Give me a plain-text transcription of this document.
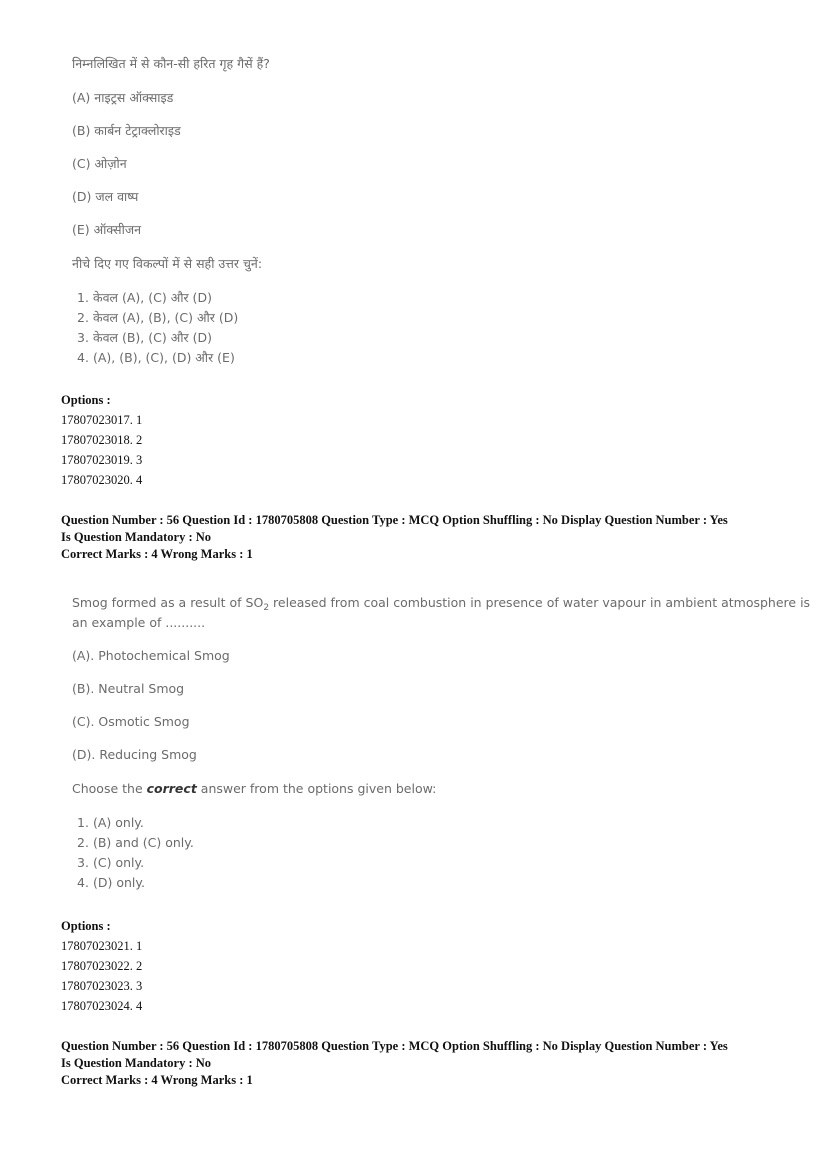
निम्नलिखित में से कौन-सी हरित गृह गैसें हैं?
(A) नाइट्रस ऑक्साइड
(B) कार्बन टेट्राक्लोराइड
(C) ओज़ोन
(D) जल वाष्प
(E) ऑक्सीजन
नीचे दिए गए विकल्पों में से सही उत्तर चुनें:
1. केवल (A), (C) और (D)
2. केवल (A), (B), (C) और (D)
3. केवल (B), (C) और (D)
4. (A), (B), (C), (D) और (E)
Options :
17807023017. 1
17807023018. 2
17807023019. 3
17807023020. 4
Question Number : 56 Question Id : 1780705808 Question Type : MCQ Option Shuffling : No Display Question Number : Yes
Is Question Mandatory : No
Correct Marks : 4 Wrong Marks : 1
Smog formed as a result of $SO_2$ released from coal combustion in presence of water vapour in ambient atmosphere is
an example of ..........
(A). Photochemical Smog
(B). Neutral Smog
(C). Osmotic Smog
(D). Reducing Smog
Choose the correct answer from the options given below:
1. (A) only.
2. (B) and (C) only.
3. (C) only.
4. (D) only.
Options :
17807023021. 1
17807023022. 2
17807023023. 3
17807023024. 4
Question Number : 56 Question Id : 1780705808 Question Type : MCQ Option Shuffling : No Display Question Number : Yes
Is Question Mandatory : No
Correct Marks : 4 Wrong Marks : 1
